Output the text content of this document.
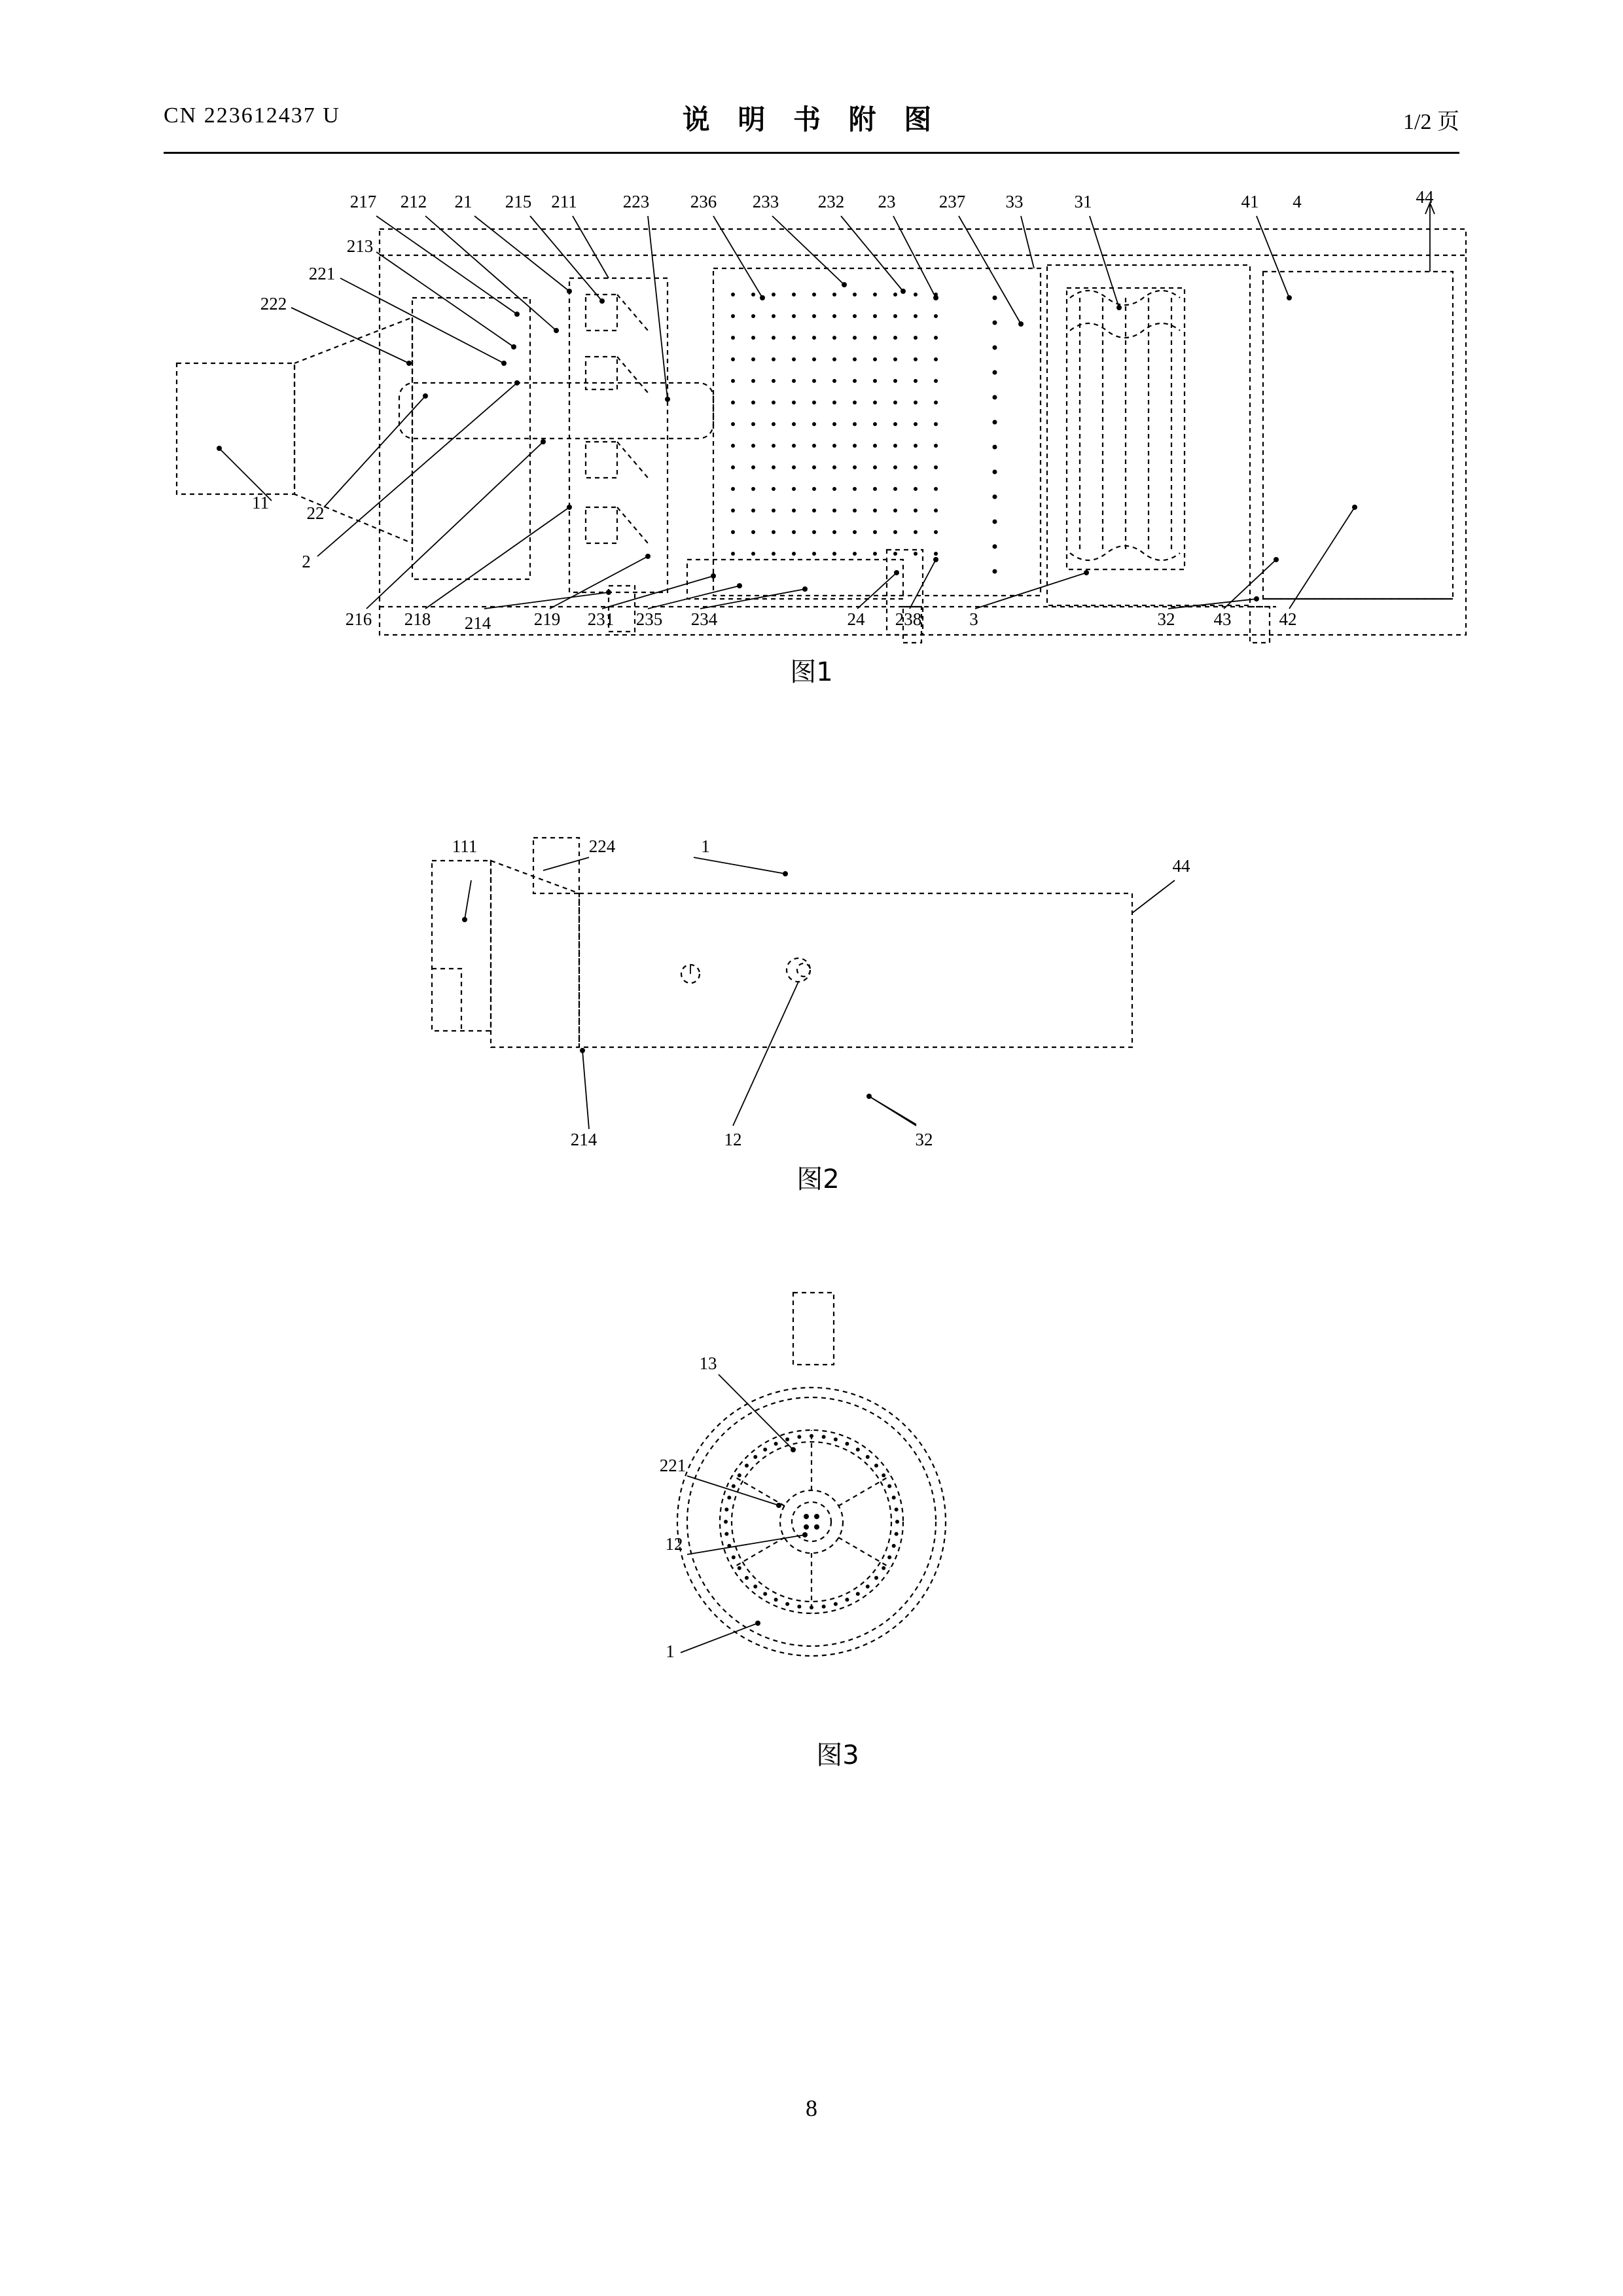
CN 223612437 U	说 明 书 附 图	1/2 页
217 212 21 215 211	223 236 233 232 23 237 33	31	41 4	44
213
221
222
11
22
2
216 218 214 219 231 235 234	24 238	3	32 43	42
图1
111	224	1
44
214	12	32
图2
13
221
12
1
图3
8
